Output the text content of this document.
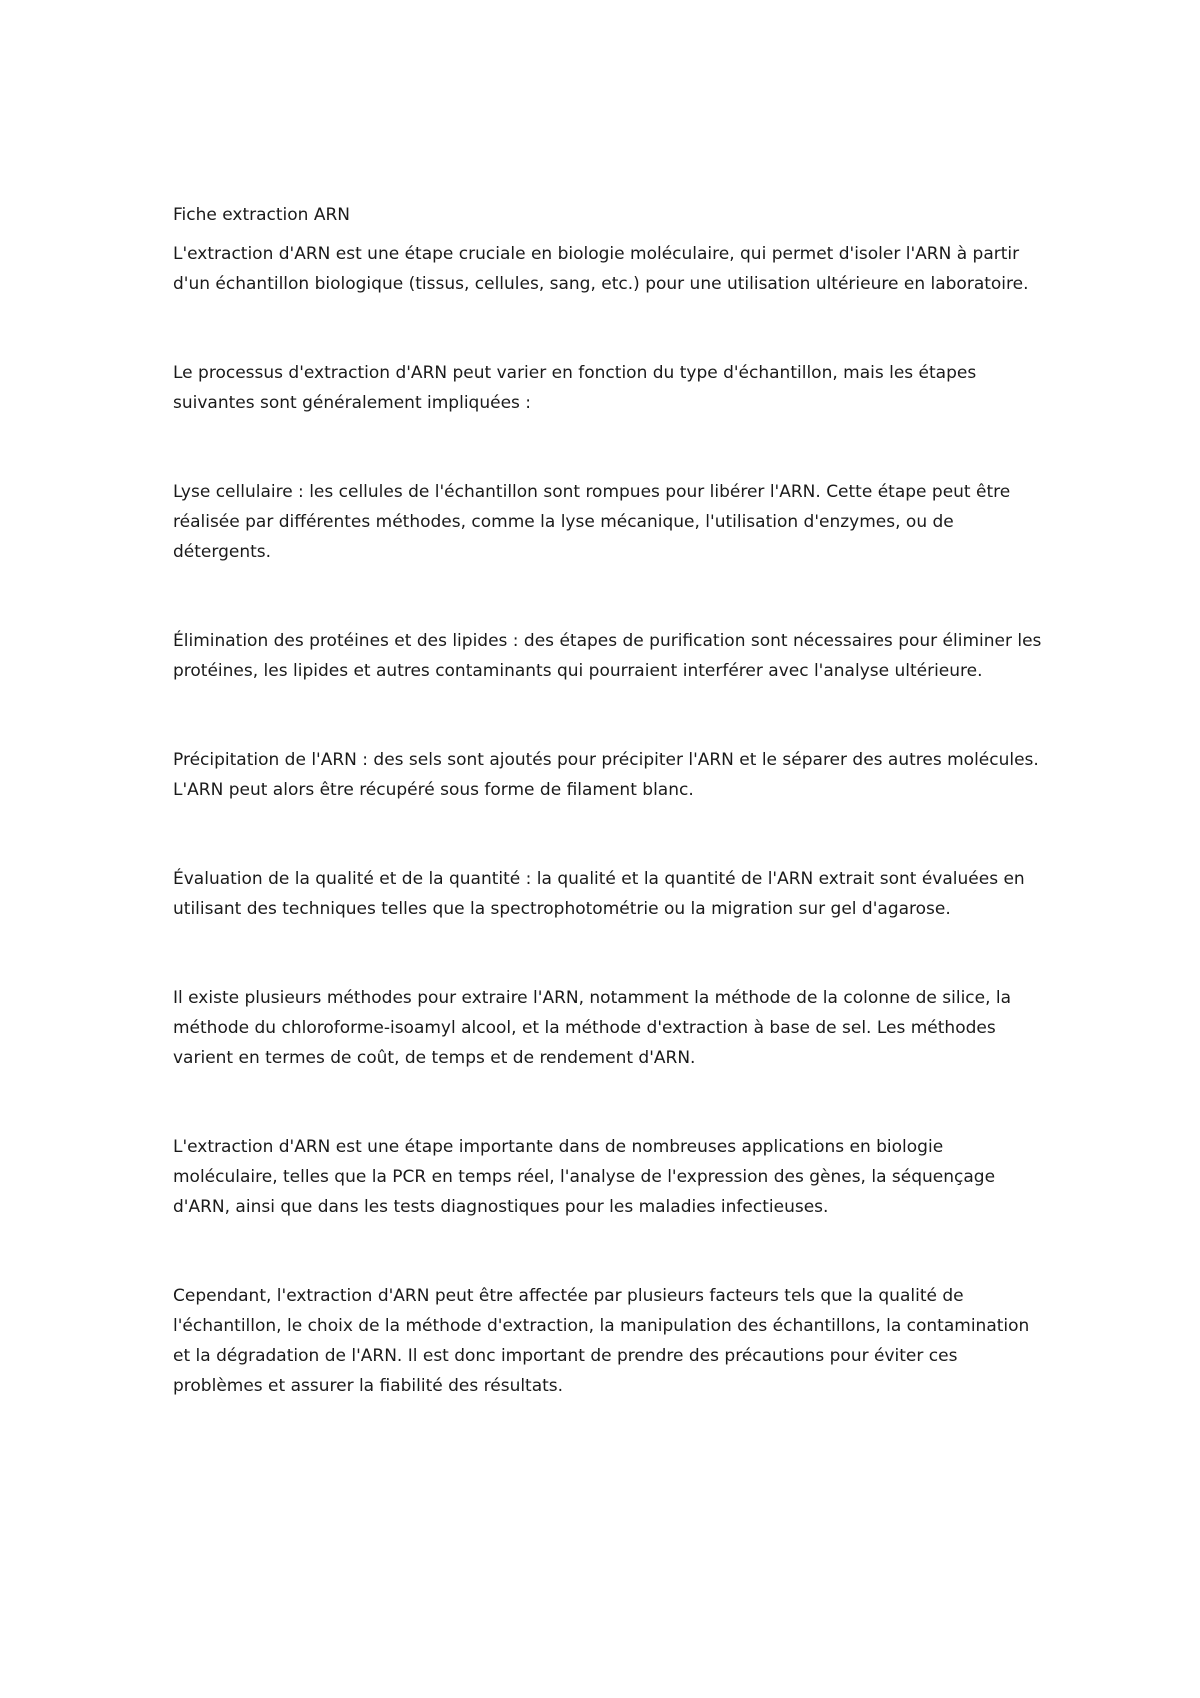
Fiche extraction ARN

L'extraction d'ARN est une étape cruciale en biologie moléculaire, qui permet d'isoler l'ARN à partir d'un échantillon biologique (tissus, cellules, sang, etc.) pour une utilisation ultérieure en laboratoire.

Le processus d'extraction d'ARN peut varier en fonction du type d'échantillon, mais les étapes suivantes sont généralement impliquées :

Lyse cellulaire : les cellules de l'échantillon sont rompues pour libérer l'ARN. Cette étape peut être réalisée par différentes méthodes, comme la lyse mécanique, l'utilisation d'enzymes, ou de détergents.

Élimination des protéines et des lipides : des étapes de purification sont nécessaires pour éliminer les protéines, les lipides et autres contaminants qui pourraient interférer avec l'analyse ultérieure.

Précipitation de l'ARN : des sels sont ajoutés pour précipiter l'ARN et le séparer des autres molécules. L'ARN peut alors être récupéré sous forme de filament blanc.

Évaluation de la qualité et de la quantité : la qualité et la quantité de l'ARN extrait sont évaluées en utilisant des techniques telles que la spectrophotométrie ou la migration sur gel d'agarose.

Il existe plusieurs méthodes pour extraire l'ARN, notamment la méthode de la colonne de silice, la méthode du chloroforme-isoamyl alcool, et la méthode d'extraction à base de sel. Les méthodes varient en termes de coût, de temps et de rendement d'ARN.

L'extraction d'ARN est une étape importante dans de nombreuses applications en biologie moléculaire, telles que la PCR en temps réel, l'analyse de l'expression des gènes, la séquençage d'ARN, ainsi que dans les tests diagnostiques pour les maladies infectieuses.

Cependant, l'extraction d'ARN peut être affectée par plusieurs facteurs tels que la qualité de l'échantillon, le choix de la méthode d'extraction, la manipulation des échantillons, la contamination et la dégradation de l'ARN. Il est donc important de prendre des précautions pour éviter ces problèmes et assurer la fiabilité des résultats.
